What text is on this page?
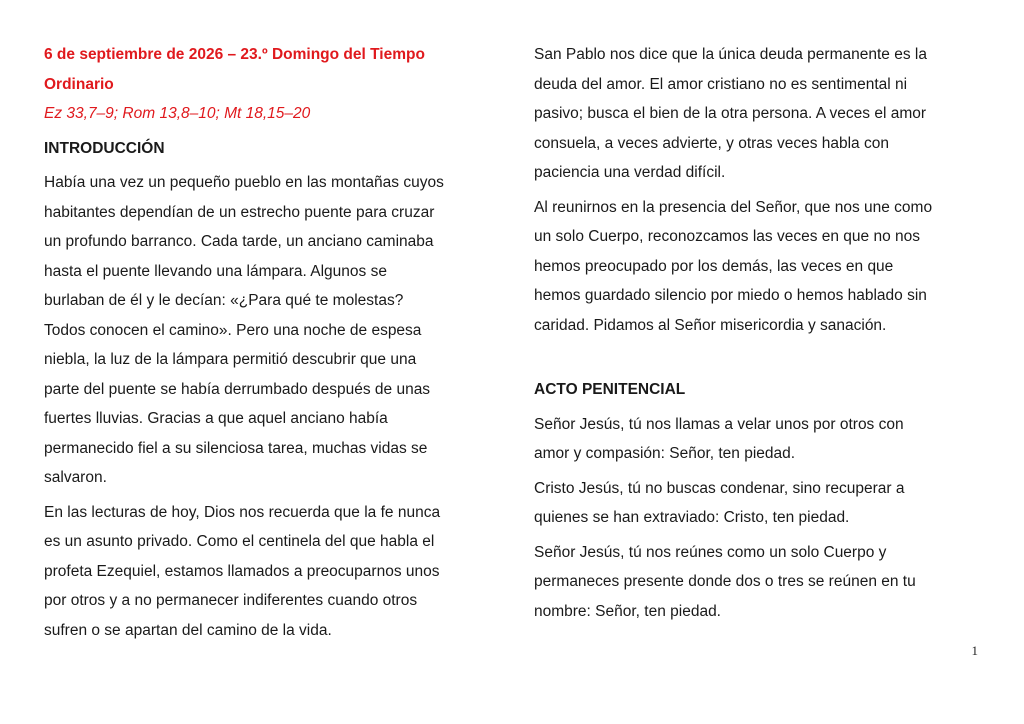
6 de septiembre de 2026 – 23.º Domingo del Tiempo
Ordinario
Ez 33,7–9; Rom 13,8–10; Mt 18,15–20
INTRODUCCIÓN
Había una vez un pequeño pueblo en las montañas cuyos
habitantes dependían de un estrecho puente para cruzar
un profundo barranco. Cada tarde, un anciano caminaba
hasta el puente llevando una lámpara. Algunos se
burlaban de él y le decían: «¿Para qué te molestas?
Todos conocen el camino». Pero una noche de espesa
niebla, la luz de la lámpara permitió descubrir que una
parte del puente se había derrumbado después de unas
fuertes lluvias. Gracias a que aquel anciano había
permanecido fiel a su silenciosa tarea, muchas vidas se
salvaron.
En las lecturas de hoy, Dios nos recuerda que la fe nunca
es un asunto privado. Como el centinela del que habla el
profeta Ezequiel, estamos llamados a preocuparnos unos
por otros y a no permanecer indiferentes cuando otros
sufren o se apartan del camino de la vida.
San Pablo nos dice que la única deuda permanente es la
deuda del amor. El amor cristiano no es sentimental ni
pasivo; busca el bien de la otra persona. A veces el amor
consuela, a veces advierte, y otras veces habla con
paciencia una verdad difícil.
Al reunirnos en la presencia del Señor, que nos une como
un solo Cuerpo, reconozcamos las veces en que no nos
hemos preocupado por los demás, las veces en que
hemos guardado silencio por miedo o hemos hablado sin
caridad. Pidamos al Señor misericordia y sanación.
ACTO PENITENCIAL
Señor Jesús, tú nos llamas a velar unos por otros con
amor y compasión: Señor, ten piedad.
Cristo Jesús, tú no buscas condenar, sino recuperar a
quienes se han extraviado: Cristo, ten piedad.
Señor Jesús, tú nos reúnes como un solo Cuerpo y
permaneces presente donde dos o tres se reúnen en tu
nombre: Señor, ten piedad.
1
